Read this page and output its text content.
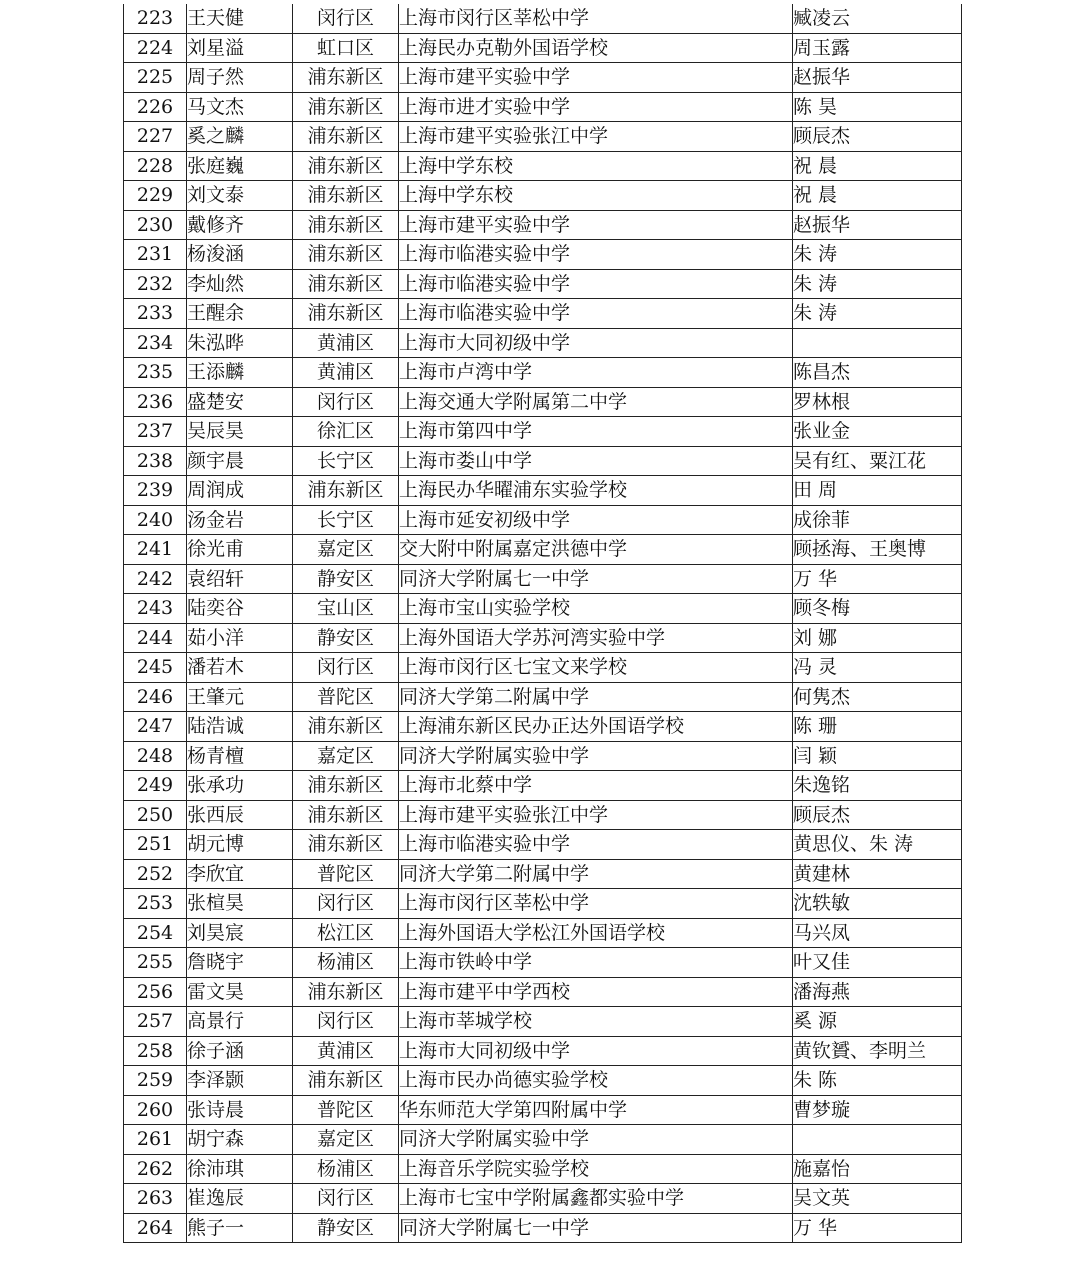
223	王天健	闵行区	上海市闵行区莘松中学	臧凌云
224	刘星溢	虹口区	上海民办克勒外国语学校	周玉露
225	周子然	浦东新区	上海市建平实验中学	赵振华
226	马文杰	浦东新区	上海市进才实验中学	陈 昊
227	奚之麟	浦东新区	上海市建平实验张江中学	顾辰杰
228	张庭巍	浦东新区	上海中学东校	祝 晨
229	刘文泰	浦东新区	上海中学东校	祝 晨
230	戴修齐	浦东新区	上海市建平实验中学	赵振华
231	杨浚涵	浦东新区	上海市临港实验中学	朱 涛
232	李灿然	浦东新区	上海市临港实验中学	朱 涛
233	王醒余	浦东新区	上海市临港实验中学	朱 涛
234	朱泓晔	黄浦区	上海市大同初级中学	
235	王添麟	黄浦区	上海市卢湾中学	陈昌杰
236	盛楚安	闵行区	上海交通大学附属第二中学	罗林根
237	吴辰昊	徐汇区	上海市第四中学	张业金
238	颜宇晨	长宁区	上海市娄山中学	吴有红、粟江花
239	周润成	浦东新区	上海民办华曜浦东实验学校	田 周
240	汤金岩	长宁区	上海市延安初级中学	成徐菲
241	徐光甫	嘉定区	交大附中附属嘉定洪德中学	顾拯海、王奥博
242	袁绍轩	静安区	同济大学附属七一中学	万 华
243	陆奕谷	宝山区	上海市宝山实验学校	顾冬梅
244	茹小洋	静安区	上海外国语大学苏河湾实验中学	刘 娜
245	潘若木	闵行区	上海市闵行区七宝文来学校	冯 灵
246	王肇元	普陀区	同济大学第二附属中学	何隽杰
247	陆浩诚	浦东新区	上海浦东新区民办正达外国语学校	陈 珊
248	杨青檀	嘉定区	同济大学附属实验中学	闫 颖
249	张承功	浦东新区	上海市北蔡中学	朱逸铭
250	张西辰	浦东新区	上海市建平实验张江中学	顾辰杰
251	胡元博	浦东新区	上海市临港实验中学	黄思仪、朱 涛
252	李欣宜	普陀区	同济大学第二附属中学	黄建林
253	张楦昊	闵行区	上海市闵行区莘松中学	沈轶敏
254	刘昊宸	松江区	上海外国语大学松江外国语学校	马兴凤
255	詹晓宇	杨浦区	上海市铁岭中学	叶又佳
256	雷文昊	浦东新区	上海市建平中学西校	潘海燕
257	高景行	闵行区	上海市莘城学校	奚 源
258	徐子涵	黄浦区	上海市大同初级中学	黄钦贇、李明兰
259	李泽颢	浦东新区	上海市民办尚德实验学校	朱 陈
260	张诗晨	普陀区	华东师范大学第四附属中学	曹梦璇
261	胡宁森	嘉定区	同济大学附属实验中学	
262	徐沛琪	杨浦区	上海音乐学院实验学校	施嘉怡
263	崔逸辰	闵行区	上海市七宝中学附属鑫都实验中学	吴文英
264	熊子一	静安区	同济大学附属七一中学	万 华
